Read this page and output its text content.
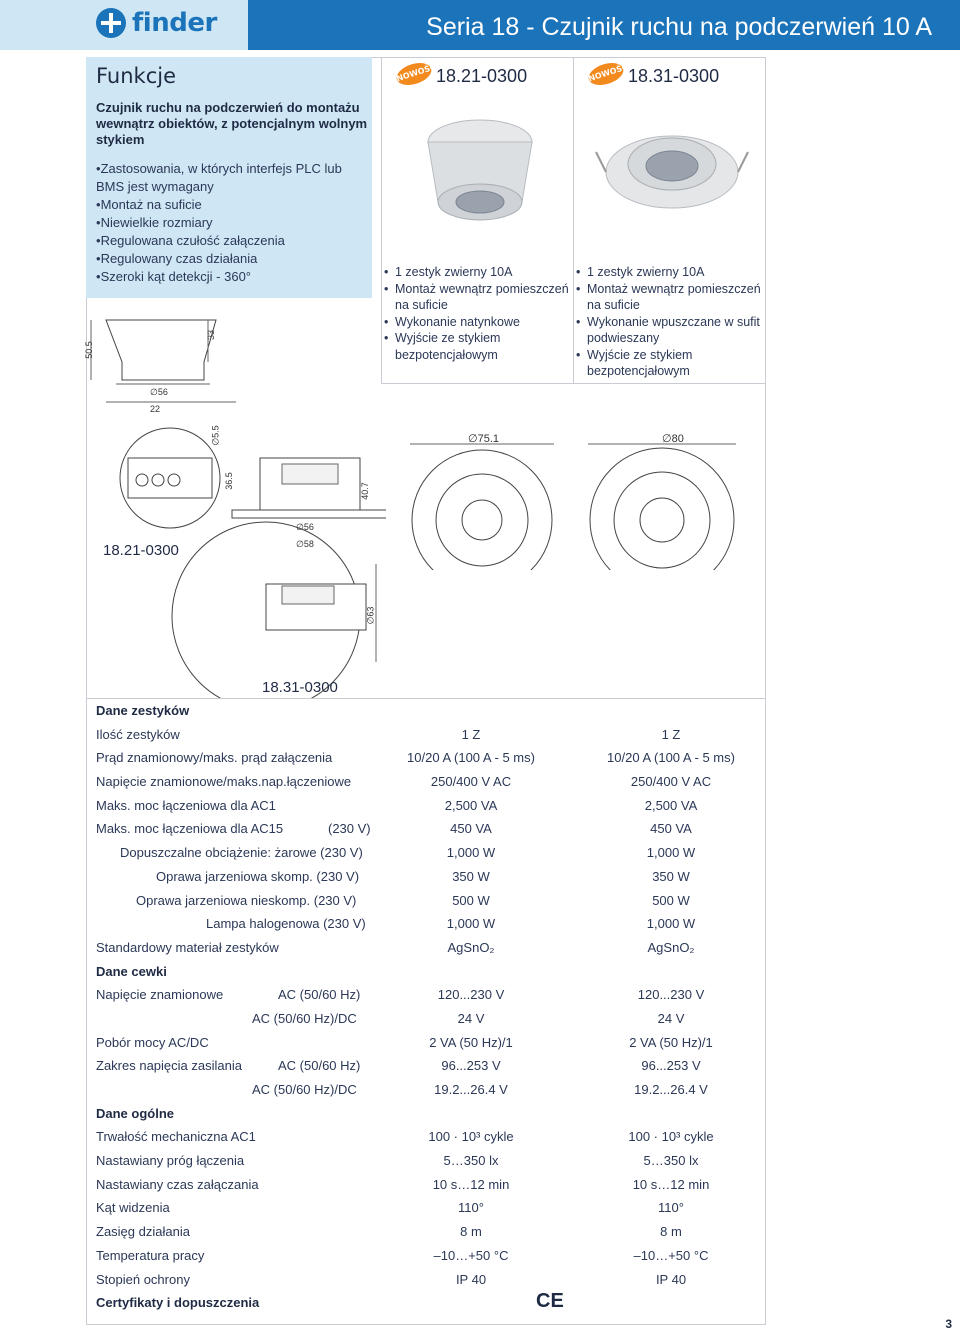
finder	Seria 18 - Czujnik ruchu na podczerwień 10 A
Funkcje
Czujnik ruchu na podczerwień do montażu wewnątrz obiektów, z potencjalnym wolnym stykiem
• Zastosowania, w których interfejs PLC lub BMS jest wymagany
• Montaż na suficie
• Niewielkie rozmiary
• Regulowana czułość załączenia
• Regulowany czas działania
• Szeroki kąt detekcji - 360°
NOWOŚĆ 18.21-0300	NOWOŚĆ 18.31-0300
• 1 zestyk zwierny 10A
• Montaż wewnątrz pomieszczeń na suficie
• Wykonanie natynkowe
• Wyjście ze stykiem bezpotencjałowym
• 1 zestyk zwierny 10A
• Montaż wewnątrz pomieszczeń na suficie
• Wykonanie wpuszczane w sufit podwieszany
• Wyjście ze stykiem bezpotencjałowym
50.5
33
∅56
22
∅5.5
36.5
40.7
∅56
∅58
∅63
18.21-0300
18.31-0300
∅75.1	∅80
Dane zestyków
Ilość zestyków	1 Z	1 Z
Prąd znamionowy/maks. prąd załączenia	10/20 A (100 A - 5 ms)	10/20 A (100 A - 5 ms)
Napięcie znamionowe/maks.nap.łączeniowe	250/400 V AC	250/400 V AC
Maks. moc łączeniowa dla AC1	2,500 VA	2,500 VA
Maks. moc łączeniowa dla AC15	(230 V)	450 VA	450 VA
Dopuszczalne obciążenie: żarowe (230 V)	1,000 W	1,000 W
Oprawa jarzeniowa skomp. (230 V)	350 W	350 W
Oprawa jarzeniowa nieskomp. (230 V)	500 W	500 W
Lampa halogenowa (230 V)	1,000 W	1,000 W
Standardowy materiał zestyków	AgSnO₂	AgSnO₂
Dane cewki
Napięcie znamionowe	AC (50/60 Hz)	120...230 V	120...230 V
AC (50/60 Hz)/DC	24 V	24 V
Pobór mocy AC/DC	2 VA (50 Hz)/1	2 VA (50 Hz)/1
Zakres napięcia zasilania	AC (50/60 Hz)	96...253 V	96...253 V
AC (50/60 Hz)/DC	19.2...26.4 V	19.2...26.4 V
Dane ogólne
Trwałość mechaniczna AC1	100 · 10³ cykle	100 · 10³ cykle
Nastawiany próg łączenia	5…350 lx	5…350 lx
Nastawiany czas załączania	10 s…12 min	10 s…12 min
Kąt widzenia	110°	110°
Zasięg działania	8 m	8 m
Temperatura pracy	–10…+50 °C	–10…+50 °C
Stopień ochrony	IP 40	IP 40
Certyfikaty i dopuszczenia	CE
3
